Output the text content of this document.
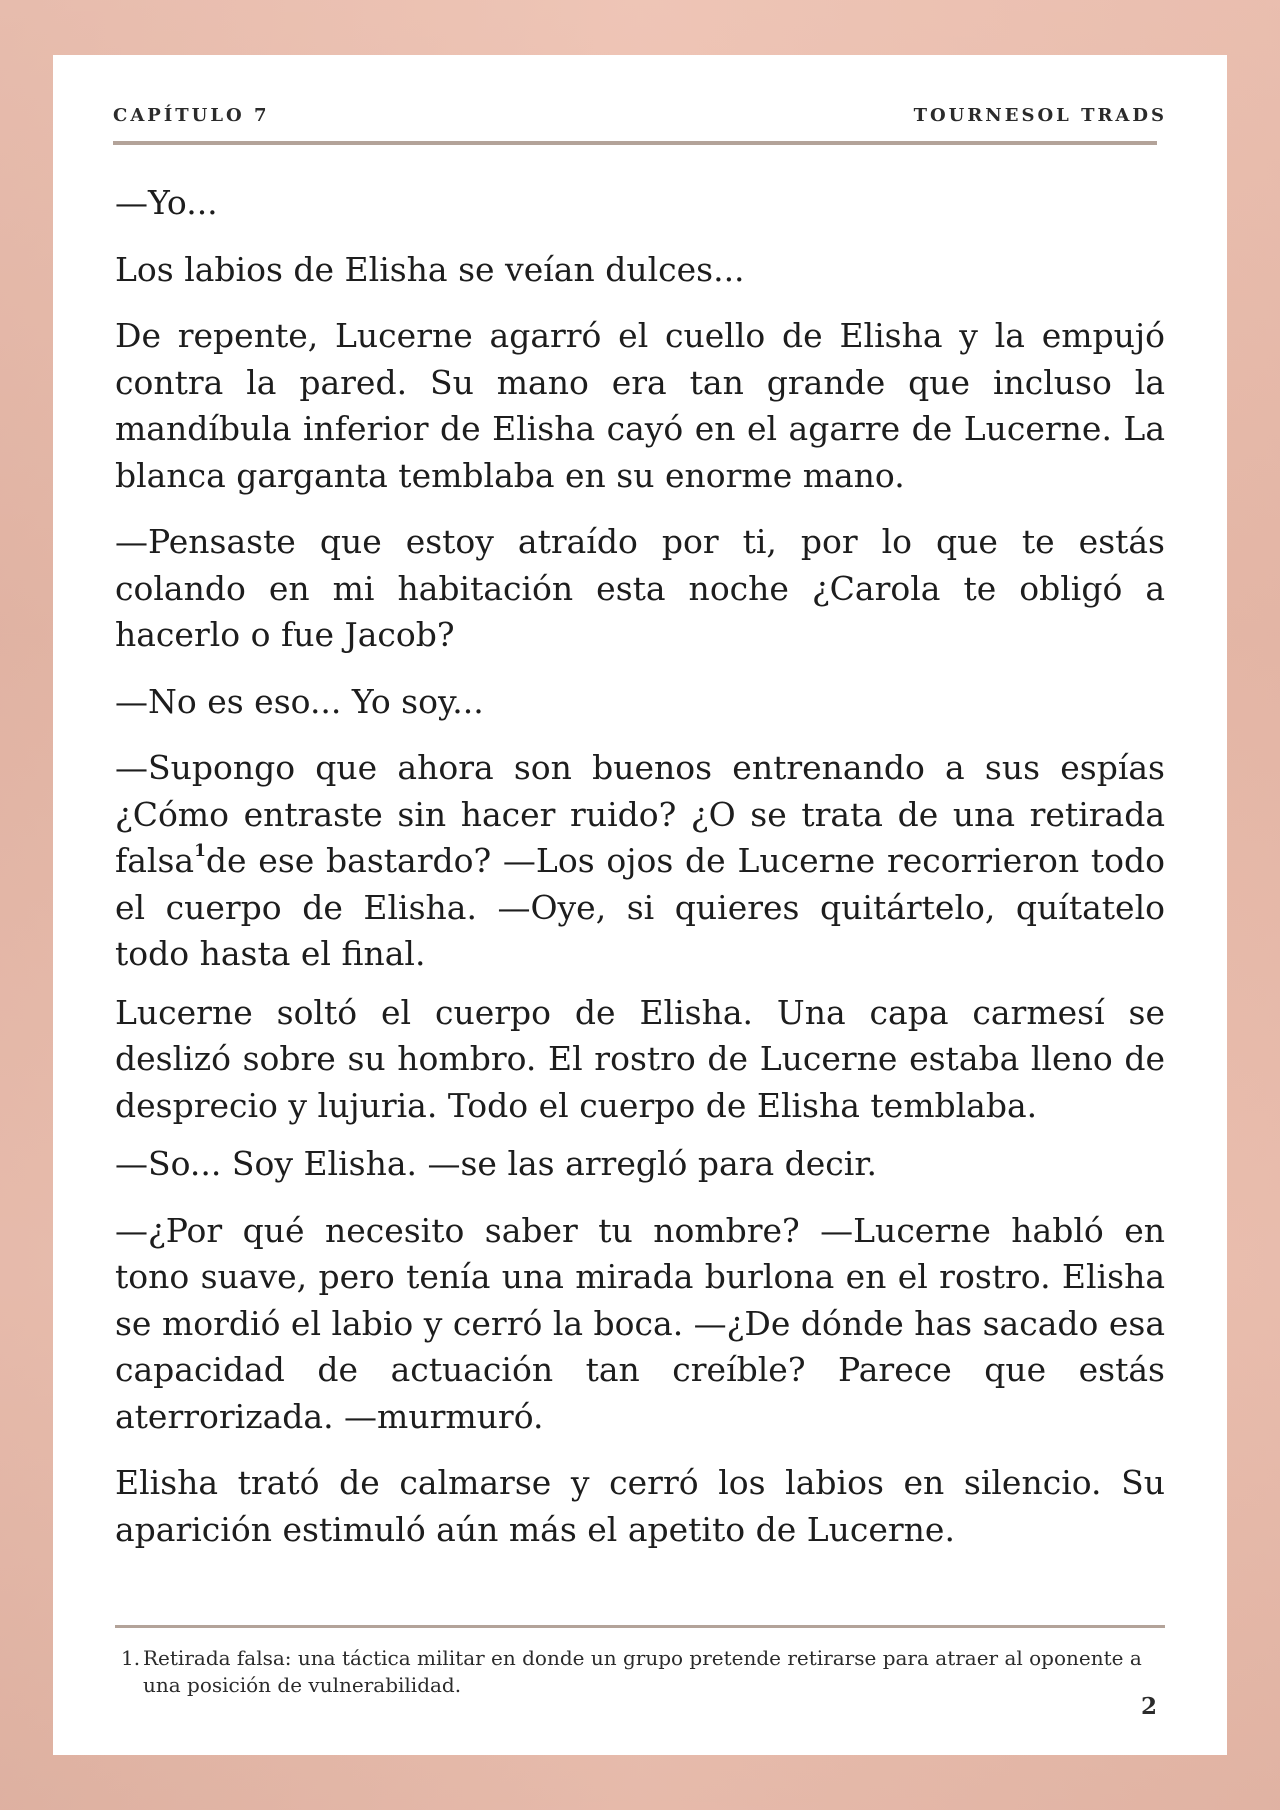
CAPÍTULO 7	TOURNESOL TRADS

—Yo...

Los labios de Elisha se veían dulces...

De repente, Lucerne agarró el cuello de Elisha y la empujó contra la pared. Su mano era tan grande que incluso la mandíbula inferior de Elisha cayó en el agarre de Lucerne. La blanca garganta temblaba en su enorme mano.

—Pensaste que estoy atraído por ti, por lo que te estás colando en mi habitación esta noche ¿Carola te obligó a hacerlo o fue Jacob?

—No es eso... Yo soy...

—Supongo que ahora son buenos entrenando a sus espías ¿Cómo entraste sin hacer ruido? ¿O se trata de una retirada falsa$^1$de ese bastardo? —Los ojos de Lucerne recorrieron todo el cuerpo de Elisha. —Oye, si quieres quitártelo, quítatelo todo hasta el final.

Lucerne soltó el cuerpo de Elisha. Una capa carmesí se deslizó sobre su hombro. El rostro de Lucerne estaba lleno de desprecio y lujuria. Todo el cuerpo de Elisha temblaba.

—So... Soy Elisha. —se las arregló para decir.

—¿Por qué necesito saber tu nombre? —Lucerne habló en tono suave, pero tenía una mirada burlona en el rostro. Elisha se mordió el labio y cerró la boca. —¿De dónde has sacado esa capacidad de actuación tan creíble? Parece que estás aterrorizada. —murmuró.

Elisha trató de calmarse y cerró los labios en silencio. Su aparición estimuló aún más el apetito de Lucerne.

1. Retirada falsa: una táctica militar en donde un grupo pretende retirarse para atraer al oponente a una posición de vulnerabilidad.
2
